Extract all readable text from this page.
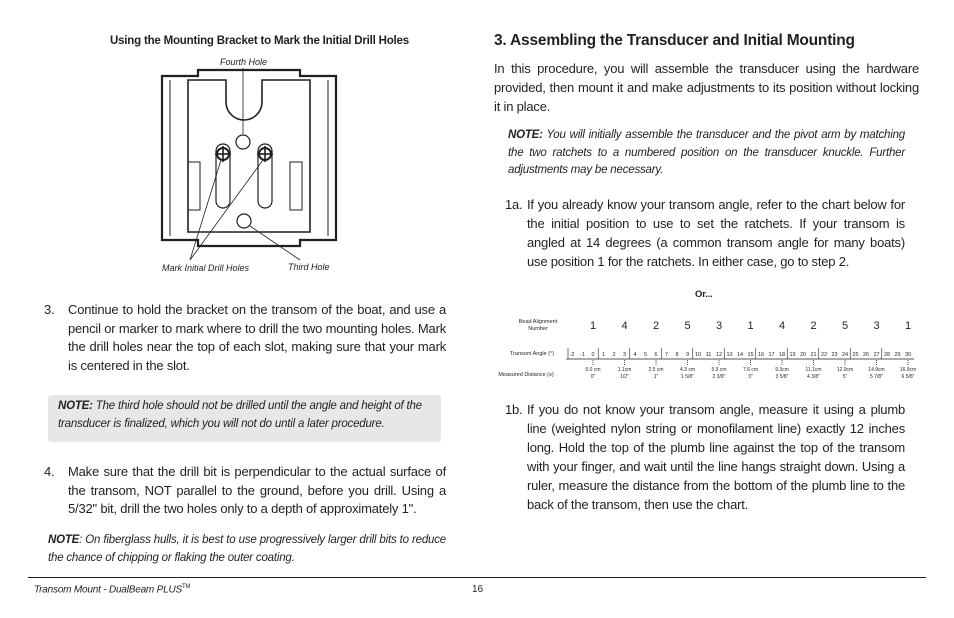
Using the Mounting Bracket to Mark the Initial Drill Holes
Fourth Hole
Mark Initial Drill Holes	Third Hole
3. Continue to hold the bracket on the transom of the boat, and use a pencil or marker to mark where to drill the two mounting holes. Mark the drill holes near the top of each slot, making sure that your mark is centered in the slot.
NOTE: The third hole should not be drilled until the angle and height of the transducer is finalized, which you will not do until a later procedure.
4. Make sure that the drill bit is perpendicular to the actual surface of the transom, NOT parallel to the ground, before you drill. Using a 5/32" bit, drill the two holes only to a depth of approximately 1".
NOTE: On fiberglass hulls, it is best to use progressively larger drill bits to reduce the chance of chipping or flaking the outer coating.
3. Assembling the Transducer and Initial Mounting
In this procedure, you will assemble the transducer using the hardware provided, then mount it and make adjustments to its position without locking it in place.
NOTE: You will initially assemble the transducer and the pivot arm by matching the two ratchets to a numbered position on the transducer knuckle. Further adjustments may be necessary.
1a. If you already know your transom angle, refer to the chart below for the initial position to use to set the ratchets. If your transom is angled at 14 degrees (a common transom angle for many boats) use position 1 for the ratchets. In either case, go to step 2.
Or...
Bead Alignment
Number
Transom Angle (°)
Measured Distance (x)
1 4 2 5 3 1 4 2 5 3 1
-2 -1 0 1 2 3 4 5 6 7 8 9 10 11 12 13 14 15 16 17 18 19 20 21 22 23 24 25 26 27 28 29 30
0.0 cm
0"
1.1cm
1/2"
2.5 cm
1"
4.3 cm
1 5/8"
5.9 cm
2 3/8"
7.6 cm
3"
9.3cm
3 5/8"
11.1cm
4 3/8"
12.9cm
5"
14.9cm
5 7/8"
16.9cm
6 5/8"
1b. If you do not know your transom angle, measure it using a plumb line (weighted nylon string or monofilament line) exactly 12 inches long. Hold the top of the plumb line against the top of the transom with your finger, and wait until the line hangs straight down. Using a ruler, measure the distance from the bottom of the plumb line to the back of the transom, then use the chart.
Transom Mount - DualBeam PLUS™	16
